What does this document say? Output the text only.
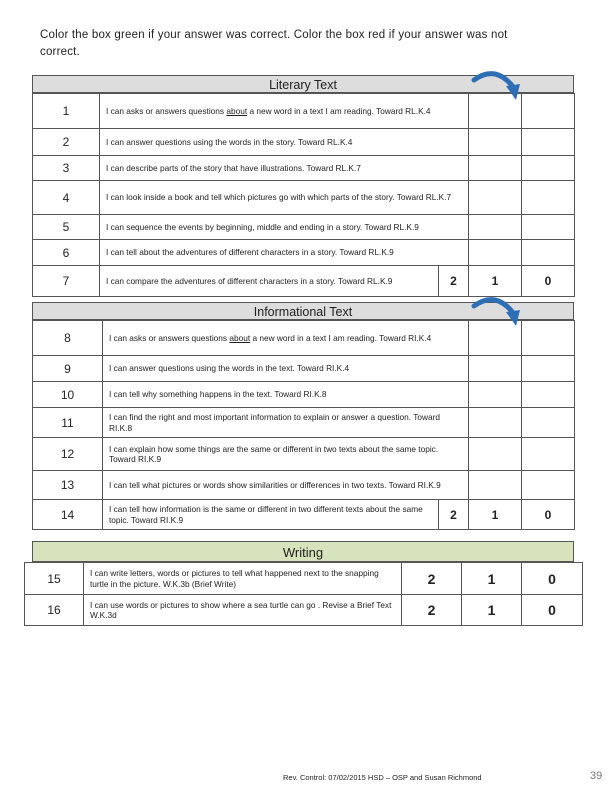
Color the box green if your answer was correct. Color the box red if your answer was not correct.
Literary Text
1	I can asks or answers questions about a new word in a text I am reading. Toward RL.K.4			
2	I can answer questions using the words in the story. Toward RL.K.4			
3	I can describe parts of the story that have illustrations. Toward RL.K.7			
4	I can look inside a book and tell which pictures go with which parts of the story. Toward RL.K.7			
5	I can sequence the events by beginning, middle and ending in a story. Toward RL.K.9			
6	I can tell about the adventures of different characters in a story. Toward RL.K.9			
7	I can compare the adventures of different characters in a story. Toward RL.K.9	2	1	0
Informational Text
8	I can asks or answers questions about a new word in a text I am reading. Toward RI.K.4			
9	I can answer questions using the words in the text. Toward RI.K.4			
10	I can tell why something happens in the text. Toward RI.K.8			
11	I can find the right and most important information to explain or answer a question. Toward RI.K.8			
12	I can explain how some things are the same or different in two texts about the same topic. Toward RI.K.9			
13	I can tell what pictures or words show similarities or differences in two texts. Toward RI.K.9			
14	I can tell how information is the same or different in two different texts about the same topic. Toward RI.K.9	2	1	0
Writing
15	I can write letters, words or pictures to tell what happened next to the snapping turtle in the picture. W.K.3b (Brief Write)	2	1	0
16	I can use words or pictures to show where a sea turtle can go . Revise a Brief Text W.K.3d	2	1	0
Rev. Control: 07/02/2015 HSD – OSP and Susan Richmond	39
